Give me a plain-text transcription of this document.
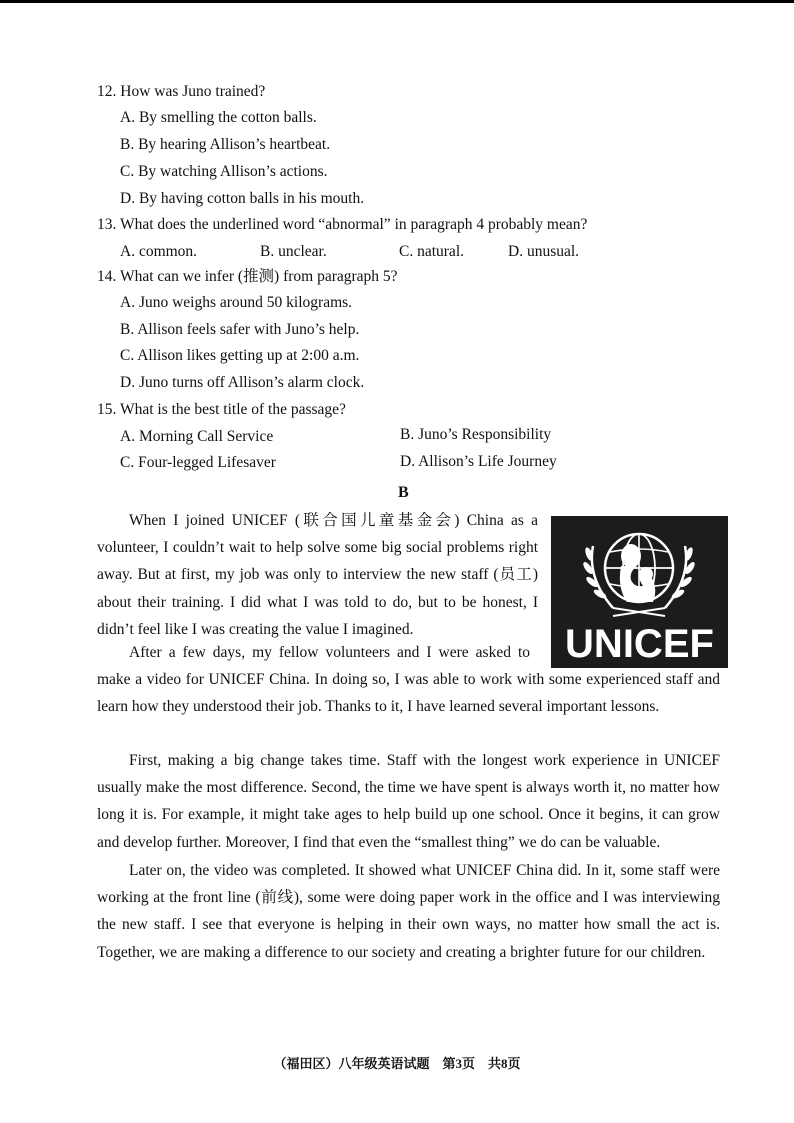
12. How was Juno trained?
A. By smelling the cotton balls.
B. By hearing Allison’s heartbeat.
C. By watching Allison’s actions.
D. By having cotton balls in his mouth.
13. What does the underlined word “abnormal” in paragraph 4 probably mean?
A. common.	B. unclear.	C. natural.	D. unusual.
14. What can we infer (推测) from paragraph 5?
A. Juno weighs around 50 kilograms.
B. Allison feels safer with Juno’s help.
C. Allison likes getting up at 2:00 a.m.
D. Juno turns off Allison’s alarm clock.
15. What is the best title of the passage?
A. Morning Call Service	B. Juno’s Responsibility
C. Four-legged Lifesaver	D. Allison’s Life Journey
B
UNICEF

When I joined UNICEF (联合国儿童基金会) China as a volunteer, I couldn’t wait to help solve some big social problems right away. But at first, my job was only to interview the new staff (员工) about their training. I did what I was told to do, but to be honest, I didn’t feel like I was creating the value I imagined.

After a few days, my fellow volunteers and I were asked to make a video for UNICEF China. In doing so, I was able to work with some experienced staff and learn how they understood their job. Thanks to it, I have learned several important lessons.

First, making a big change takes time. Staff with the longest work experience in UNICEF usually make the most difference. Second, the time we have spent is always worth it, no matter how long it is. For example, it might take ages to help build up one school. Once it begins, it can grow and develop further. Moreover, I find that even the “smallest thing” we do can be valuable.

Later on, the video was completed. It showed what UNICEF China did. In it, some staff were working at the front line (前线), some were doing paper work in the office and I was interviewing the new staff. I see that everyone is helping in their own ways, no matter how small the act is. Together, we are making a difference to our society and creating a brighter future for our children.

（福田区）八年级英语试题　第3页　共8页
